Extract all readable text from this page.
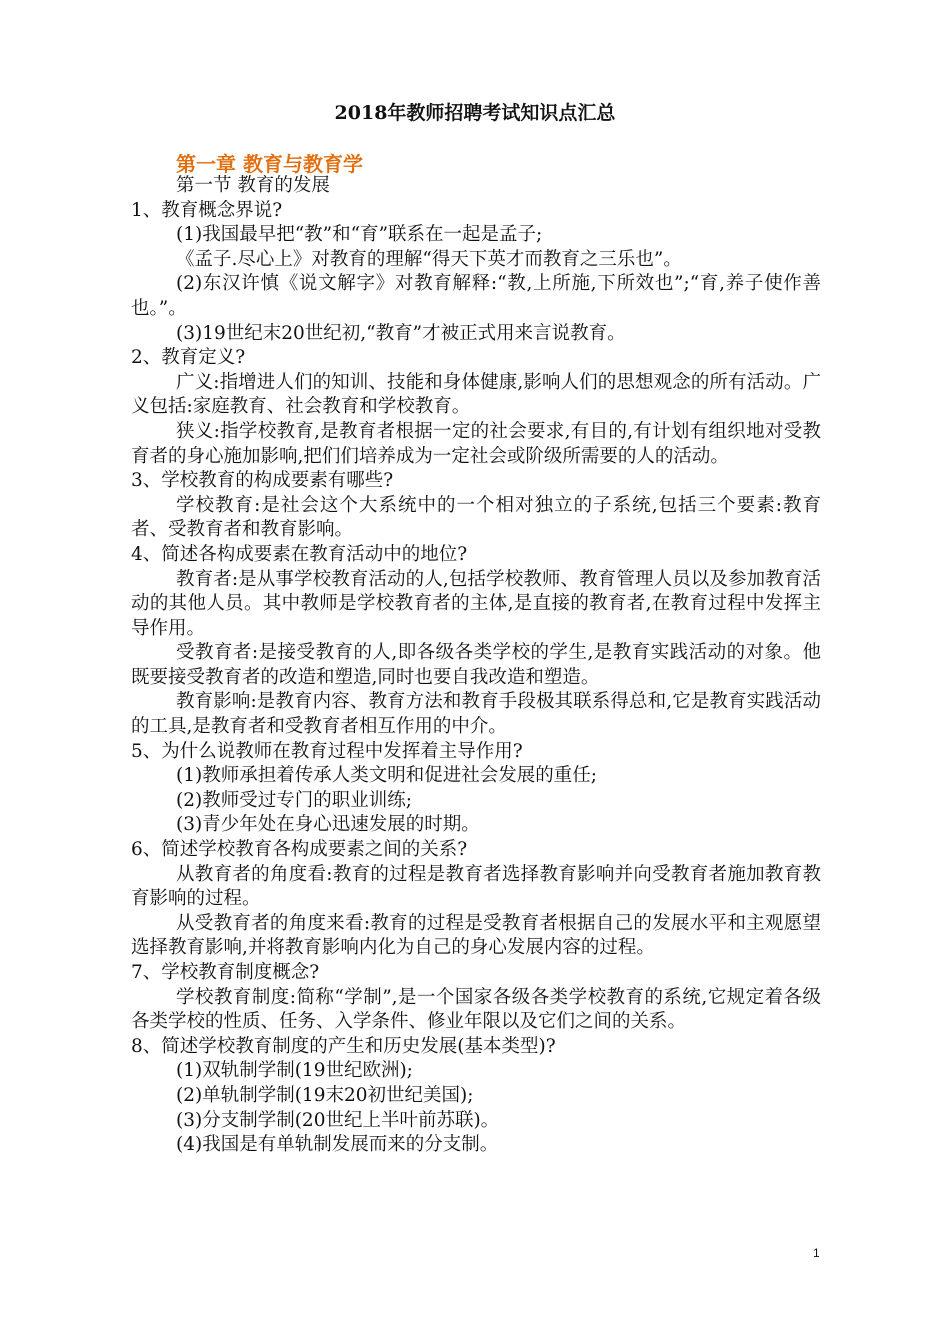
2018年教师招聘考试知识点汇总
第一章 教育与教育学

第一节 教育的发展

1、教育概念界说?

(1)我国最早把“教”和“育”联系在一起是孟子;

《孟子.尽心上》对教育的理解“得天下英才而教育之三乐也”。

(2)东汉许慎《说文解字》对教育解释:“教,上所施,下所效也”;“育,养子使作善也。”。

(3)19世纪末20世纪初,“教育”才被正式用来言说教育。

2、教育定义?

广义:指增进人们的知训、技能和身体健康,影响人们的思想观念的所有活动。广义包括:家庭教育、社会教育和学校教育。

狭义:指学校教育,是教育者根据一定的社会要求,有目的,有计划有组织地对受教育者的身心施加影响,把们们培养成为一定社会或阶级所需要的人的活动。

3、学校教育的构成要素有哪些?

学校教育:是社会这个大系统中的一个相对独立的子系统,包括三个要素:教育者、受教育者和教育影响。

4、简述各构成要素在教育活动中的地位?

教育者:是从事学校教育活动的人,包括学校教师、教育管理人员以及参加教育活动的其他人员。其中教师是学校教育者的主体,是直接的教育者,在教育过程中发挥主导作用。

受教育者:是接受教育的人,即各级各类学校的学生,是教育实践活动的对象。他既要接受教育者的改造和塑造,同时也要自我改造和塑造。

教育影响:是教育内容、教育方法和教育手段极其联系得总和,它是教育实践活动的工具,是教育者和受教育者相互作用的中介。

5、为什么说教师在教育过程中发挥着主导作用?

(1)教师承担着传承人类文明和促进社会发展的重任;

(2)教师受过专门的职业训练;

(3)青少年处在身心迅速发展的时期。

6、简述学校教育各构成要素之间的关系?

从教育者的角度看:教育的过程是教育者选择教育影响并向受教育者施加教育教育影响的过程。

从受教育者的角度来看:教育的过程是受教育者根据自己的发展水平和主观愿望选择教育影响,并将教育影响内化为自己的身心发展内容的过程。

7、学校教育制度概念?

学校教育制度:简称“学制”,是一个国家各级各类学校教育的系统,它规定着各级各类学校的性质、任务、入学条件、修业年限以及它们之间的关系。

8、简述学校教育制度的产生和历史发展(基本类型)?

(1)双轨制学制(19世纪欧洲);

(2)单轨制学制(19末20初世纪美国);

(3)分支制学制(20世纪上半叶前苏联)。

(4)我国是有单轨制发展而来的分支制。

1
